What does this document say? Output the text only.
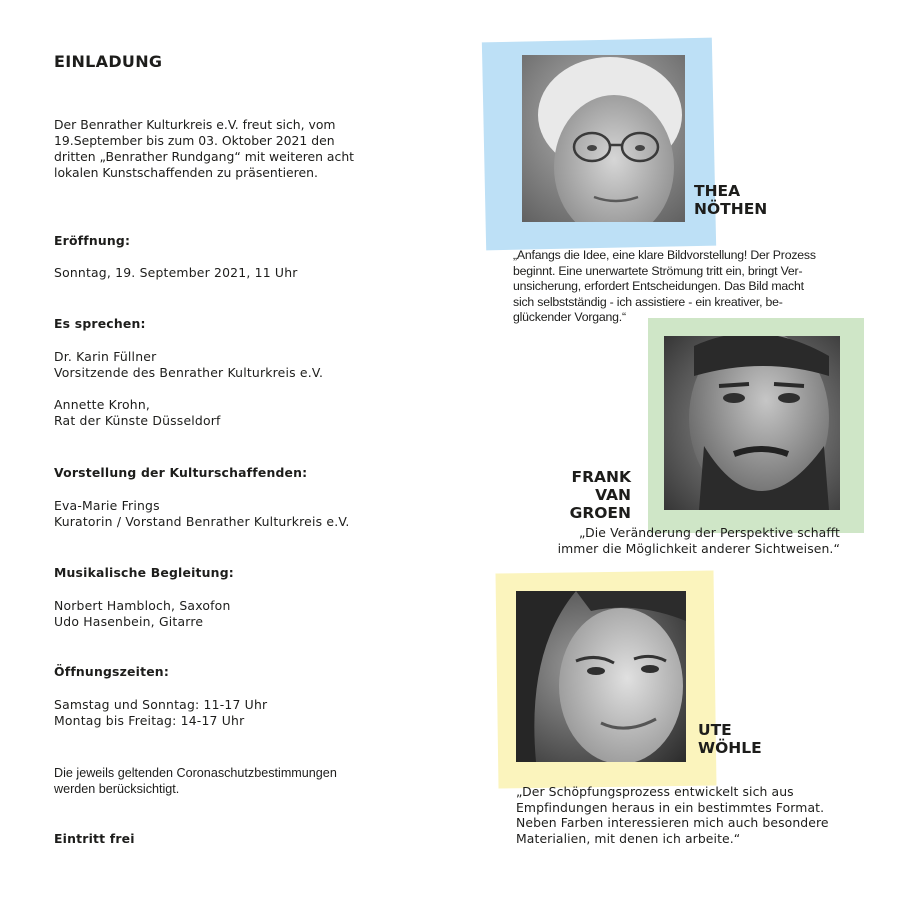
EINLADUNG
Der Benrather Kulturkreis e.V. freut sich, vom
19.September bis zum 03. Oktober 2021 den
dritten „Benrather Rundgang“ mit weiteren acht
lokalen Kunstschaffenden zu präsentieren.
Eröffnung:
Sonntag, 19. September 2021, 11 Uhr
Es sprechen:
Dr. Karin Füllner
Vorsitzende des Benrather Kulturkreis e.V.

Annette Krohn,
Rat der Künste Düsseldorf
Vorstellung der Kulturschaffenden:
Eva-Marie Frings
Kuratorin / Vorstand Benrather Kulturkreis e.V.
Musikalische Begleitung:
Norbert Hambloch, Saxofon
Udo Hasenbein, Gitarre
Öffnungszeiten:
Samstag und Sonntag: 11-17 Uhr
Montag bis Freitag: 14-17 Uhr
Die jeweils geltenden Coronaschutzbestimmungen
werden berücksichtigt.
Eintritt frei
THEA
NÖTHEN
„Anfangs die Idee, eine klare Bildvorstellung! Der Prozess
beginnt. Eine unerwartete Strömung tritt ein, bringt Ver-
unsicherung, erfordert Entscheidungen. Das Bild macht
sich selbstständig - ich assistiere - ein kreativer, be-
glückender Vorgang.“
FRANK
VAN GROEN
„Die Veränderung der Perspektive schafft
immer die Möglichkeit anderer Sichtweisen.“
UTE
WÖHLE
„Der Schöpfungsprozess entwickelt sich aus
Empfindungen heraus in ein bestimmtes Format.
Neben Farben interessieren mich auch besondere
Materialien, mit denen ich arbeite.“
